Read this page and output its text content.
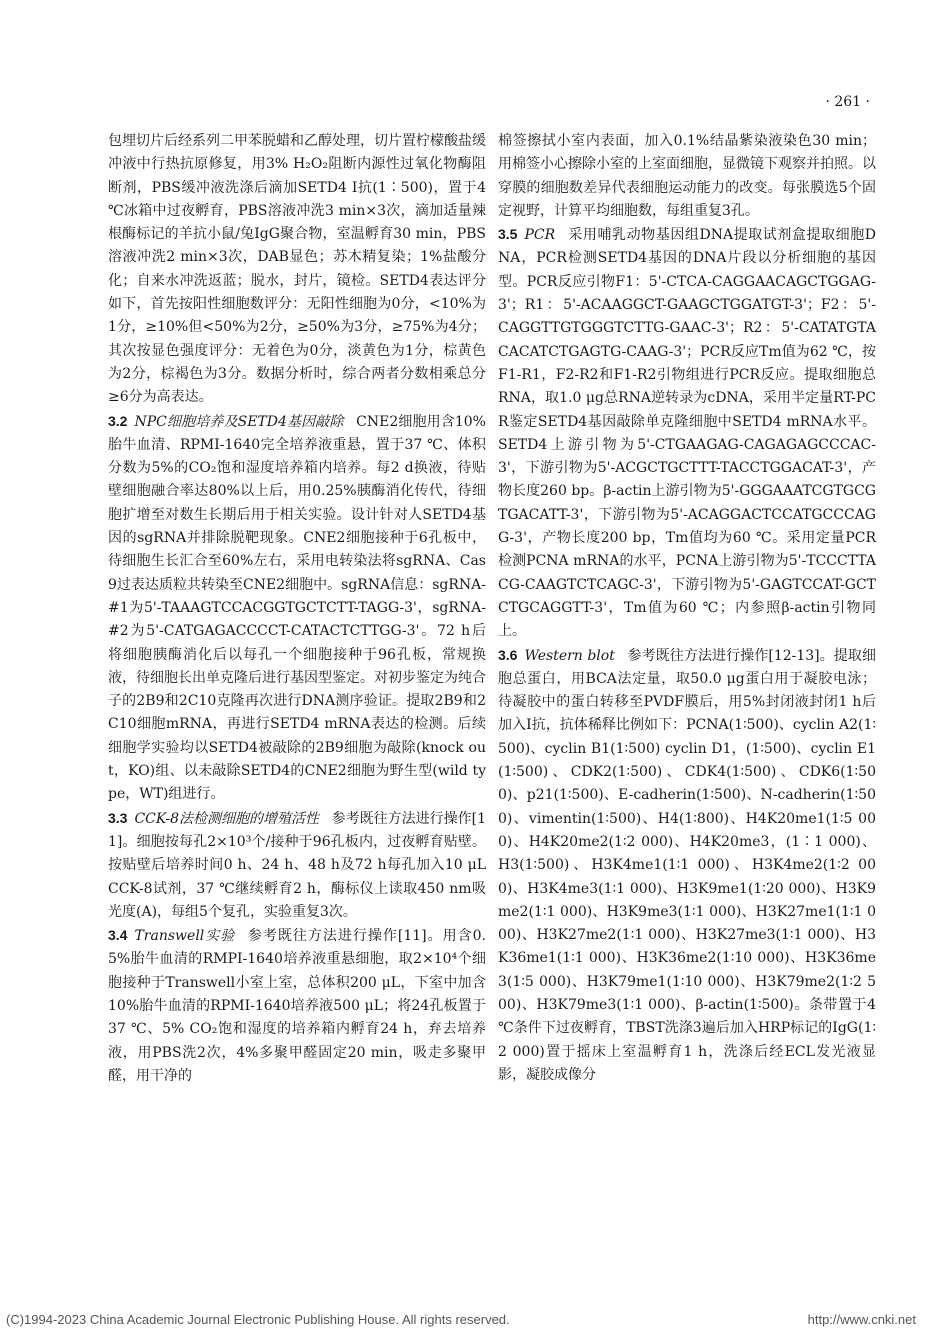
· 261 ·

包埋切片后经系列二甲苯脱蜡和乙醇处理，切片置柠檬酸盐缓冲液中行热抗原修复，用3% H₂O₂阻断内源性过氧化物酶阻断剂，PBS缓冲液洗涤后滴加SETD4 Ⅰ抗(1∶500)，置于4 ℃冰箱中过夜孵育，PBS溶液冲洗3 min×3次，滴加适量辣根酶标记的羊抗小鼠/兔IgG聚合物，室温孵育30 min，PBS溶液冲洗2 min×3次，DAB显色；苏木精复染；1%盐酸分化；自来水冲洗返蓝；脱水，封片，镜检。SETD4表达评分如下，首先按阳性细胞数评分：无阳性细胞为0分，<10%为1分，≥10%但<50%为2分，≥50%为3分，≥75%为4分；其次按显色强度评分：无着色为0分，淡黄色为1分，棕黄色为2分，棕褐色为3分。数据分析时，综合两者分数相乘总分≥6分为高表达。

3.2 NPC细胞培养及SETD4基因敲除 CNE2细胞用含10%胎牛血清、RPMI-1640完全培养液重悬，置于37 ℃、体积分数为5%的CO₂饱和湿度培养箱内培养。每2 d换液，待贴壁细胞融合率达80%以上后，用0.25%胰酶消化传代，待细胞扩增至对数生长期后用于相关实验。设计针对人SETD4基因的sgRNA并排除脱靶现象。CNE2细胞接种于6孔板中，待细胞生长汇合至60%左右，采用电转染法将sgRNA、Cas9过表达质粒共转染至CNE2细胞中。sgRNA信息：sgRNA-#1为5'-TAAAGTCCACGGTGCTCTT-TAGG-3'，sgRNA-#2为5'-CATGAGACCCCT-CATACTCTTGG-3'。72 h后将细胞胰酶消化后以每孔一个细胞接种于96孔板，常规换液，待细胞长出单克隆后进行基因型鉴定。对初步鉴定为纯合子的2B9和2C10克隆再次进行DNA测序验证。提取2B9和2C10细胞mRNA，再进行SETD4 mRNA表达的检测。后续细胞学实验均以SETD4被敲除的2B9细胞为敲除(knock out，KO)组、以未敲除SETD4的CNE2细胞为野生型(wild type，WT)组进行。

3.3 CCK-8法检测细胞的增殖活性 参考既往方法进行操作[11]。细胞按每孔2×10³个/接种于96孔板内，过夜孵育贴壁。按贴壁后培养时间0 h、24 h、48 h及72 h每孔加入10 μL CCK-8试剂，37 ℃继续孵育2 h，酶标仪上读取450 nm吸光度(A)，每组5个复孔，实验重复3次。

3.4 Transwell实验 参考既往方法进行操作[11]。用含0.5%胎牛血清的RMPI-1640培养液重悬细胞，取2×10⁴个细胞接种于Transwell小室上室，总体积200 μL，下室中加含10%胎牛血清的RPMI-1640培养液500 μL；将24孔板置于37 ℃、5% CO₂饱和湿度的培养箱内孵育24 h，弃去培养液，用PBS洗2次，4%多聚甲醛固定20 min，吸走多聚甲醛，用干净的

棉签擦拭小室内表面，加入0.1%结晶紫染液染色30 min；用棉签小心擦除小室的上室面细胞，显微镜下观察并拍照。以穿膜的细胞数差异代表细胞运动能力的改变。每张膜选5个固定视野，计算平均细胞数，每组重复3孔。

3.5 PCR 采用哺乳动物基因组DNA提取试剂盒提取细胞DNA，PCR检测SETD4基因的DNA片段以分析细胞的基因型。PCR反应引物F1：5'-CTCA-CAGGAACAGCTGGAG-3'；R1：5'-ACAAGGCT-GAAGCTGGATGT-3'；F2：5'-CAGGTTGTGGGTCTTG-GAAC-3'；R2：5'-CATATGTACACATCTGAGTG-CAAG-3'；PCR反应Tm值为62 ℃，按F1-R1，F2-R2和F1-R2引物组进行PCR反应。提取细胞总RNA，取1.0 μg总RNA逆转录为cDNA，采用半定量RT-PCR鉴定SETD4基因敲除单克隆细胞中SETD4 mRNA水平。SETD4上游引物为5'-CTGAAGAG-CAGAGAGCCCAC-3'，下游引物为5'-ACGCTGCTTT-TACCTGGACAT-3'，产物长度260 bp。β-actin上游引物为5'-GGGAAATCGTGCGTGACATT-3'，下游引物为5'-ACAGGACTCCATGCCCAGG-3'，产物长度200 bp，Tm值均为60 ℃。采用定量PCR检测PCNA mRNA的水平，PCNA上游引物为5'-TCCCTTACG-CAAGTCTCAGC-3'，下游引物为5'-GAGTCCAT-GCTCTGCAGGTT-3'，Tm值为60 ℃；内参照β-actin引物同上。

3.6 Western blot 参考既往方法进行操作[12-13]。提取细胞总蛋白，用BCA法定量，取50.0 μg蛋白用于凝胶电泳；待凝胶中的蛋白转移至PVDF膜后，用5%封闭液封闭1 h后加入Ⅰ抗，抗体稀释比例如下：PCNA(1∶500)、cyclin A2(1∶500)、cyclin B1(1∶500) cyclin D1，(1∶500)、cyclin E1(1∶500)、CDK2(1∶500)、CDK4(1∶500)、CDK6(1∶500)、p21(1∶500)、E-cadherin(1∶500)、N-cadherin(1∶500)、vimentin(1∶500)、H4(1∶800)、H4K20me1(1∶5 000)、H4K20me2(1∶2 000)、H4K20me3，(1∶1 000)、H3(1∶500)、H3K4me1(1∶1 000)、H3K4me2(1∶2 000)、H3K4me3(1∶1 000)、H3K9me1(1∶20 000)、H3K9me2(1∶1 000)、H3K9me3(1∶1 000)、H3K27me1(1∶1 000)、H3K27me2(1∶1 000)、H3K27me3(1∶1 000)、H3K36me1(1∶1 000)、H3K36me2(1∶10 000)、H3K36me3(1∶5 000)、H3K79me1(1∶10 000)、H3K79me2(1∶2 500)、H3K79me3(1∶1 000)、β-actin(1∶500)。条带置于4 ℃条件下过夜孵育，TBST洗涤3遍后加入HRP标记的IgG(1∶2 000)置于摇床上室温孵育1 h，洗涤后经ECL发光液显影，凝胶成像分

(C)1994-2023 China Academic Journal Electronic Publishing House. All rights reserved.	http://www.cnki.net
